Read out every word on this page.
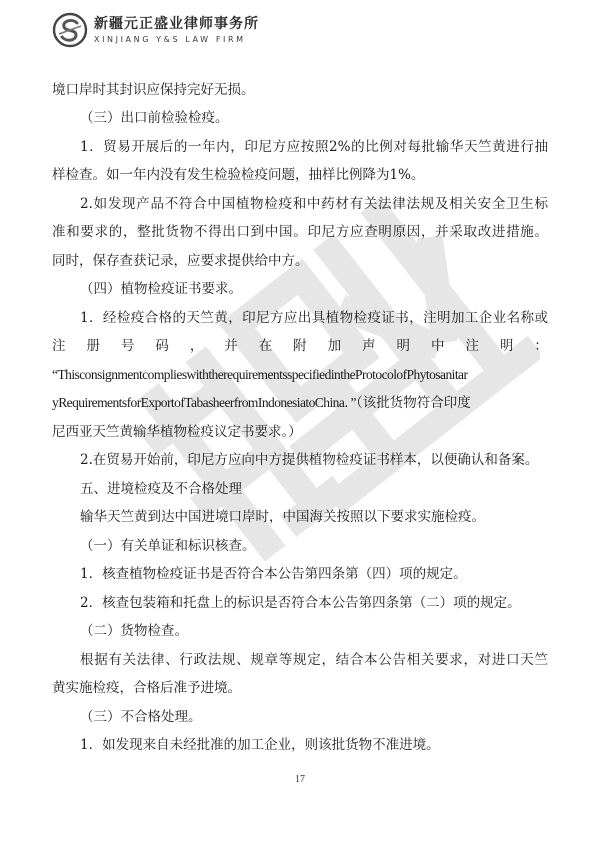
新疆元正盛业律师事务所
XINJIANG Y&S LAW FIRM
境口岸时其封识应保持完好无损。
（三）出口前检验检疫。
1．贸易开展后的一年内，印尼方应按照2%的比例对每批输华天竺黄进行抽
样检查。如一年内没有发生检验检疫问题，抽样比例降为1%。
2.如发现产品不符合中国植物检疫和中药材有关法律法规及相关安全卫生标
准和要求的，整批货物不得出口到中国。印尼方应查明原因，并采取改进措施。
同时，保存查获记录，应要求提供给中方。
（四）植物检疫证书要求。
1．经检疫合格的天竺黄，印尼方应出具植物检疫证书，注明加工企业名称或
注 册 号 码 ， 并 在 附 加 声 明 中 注 明 ：
“ThisconsignmentcomplieswiththerequirementsspecifiedintheProtocolofPhytosanitar
yRequirementsforExportofTabasheerfromIndonesiatoChina．”（该批货物符合印度
尼西亚天竺黄输华植物检疫议定书要求。）
2.在贸易开始前，印尼方应向中方提供植物检疫证书样本，以便确认和备案。
五、进境检疫及不合格处理
输华天竺黄到达中国进境口岸时，中国海关按照以下要求实施检疫。
（一）有关单证和标识核查。
1．核查植物检疫证书是否符合本公告第四条第（四）项的规定。
2．核查包装箱和托盘上的标识是否符合本公告第四条第（二）项的规定。
（二）货物检查。
根据有关法律、行政法规、规章等规定，结合本公告相关要求，对进口天竺
黄实施检疫，合格后准予进境。
（三）不合格处理。
1．如发现来自未经批准的加工企业，则该批货物不准进境。
17
